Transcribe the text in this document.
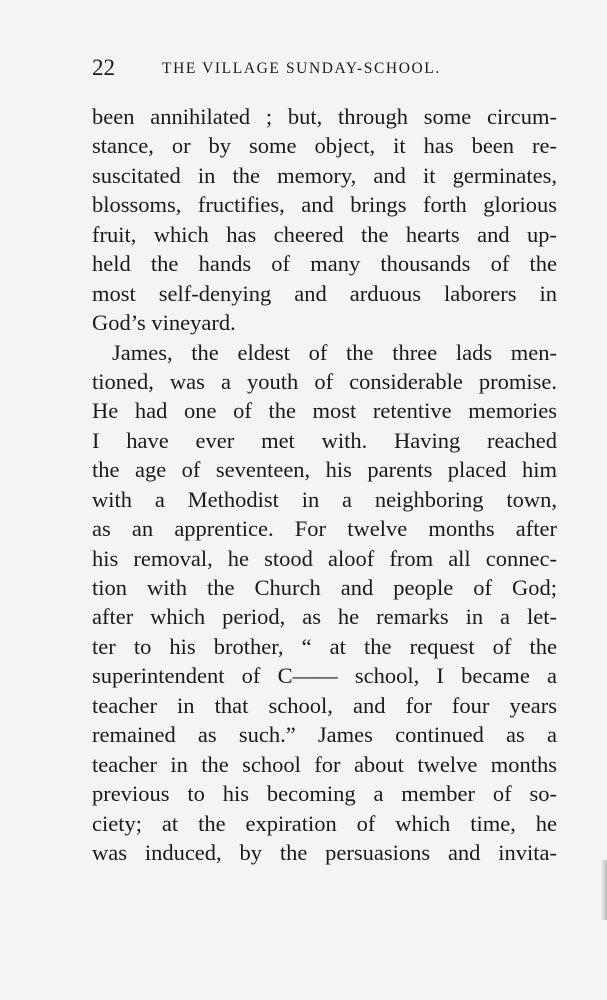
22	THE VILLAGE SUNDAY-SCHOOL.
been annihilated ; but, through some circum-
stance, or by some object, it has been re-
suscitated in the memory, and it germinates,
blossoms, fructifies, and brings forth glorious
fruit, which has cheered the hearts and up-
held the hands of many thousands of the
most self-denying and arduous laborers in
God’s vineyard.
James, the eldest of the three lads men-
tioned, was a youth of considerable promise.
He had one of the most retentive memories
I have ever met with. Having reached
the age of seventeen, his parents placed him
with a Methodist in a neighboring town,
as an apprentice. For twelve months after
his removal, he stood aloof from all connec-
tion with the Church and people of God;
after which period, as he remarks in a let-
ter to his brother, “ at the request of the
superintendent of C—— school, I became a
teacher in that school, and for four years
remained as such.” James continued as a
teacher in the school for about twelve months
previous to his becoming a member of so-
ciety; at the expiration of which time, he
was induced, by the persuasions and invita-
